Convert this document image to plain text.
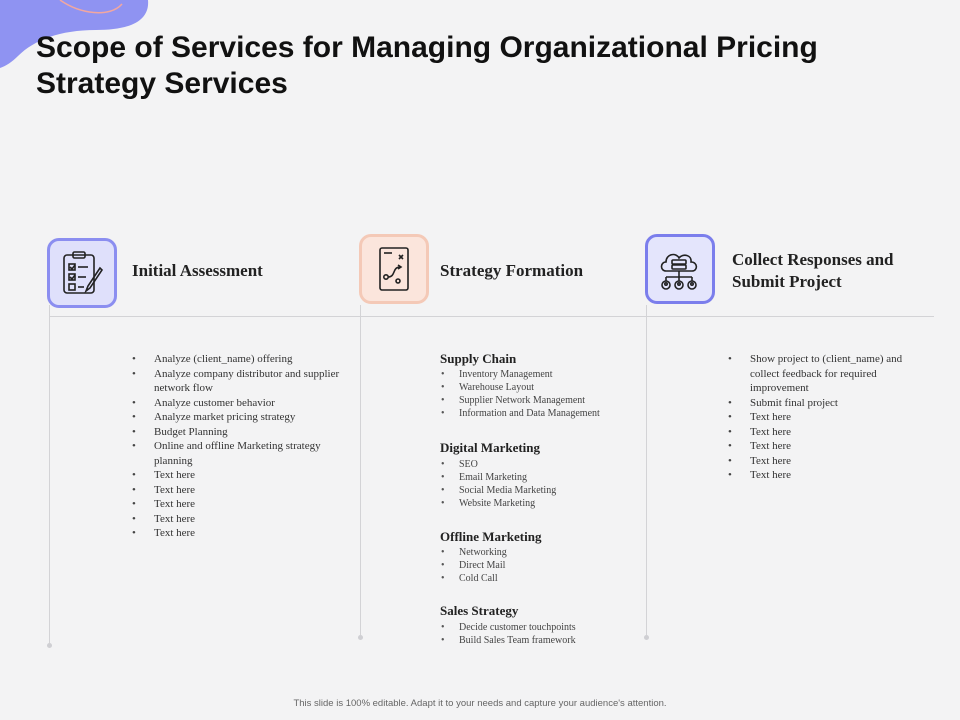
Scope of Services for Managing Organizational Pricing Strategy Services
Initial Assessment
• Analyze (client_name) offering
• Analyze company distributor and supplier network flow
• Analyze customer behavior
• Analyze market pricing strategy
• Budget Planning
• Online and offline Marketing strategy planning
• Text here
• Text here
• Text here
• Text here
• Text here
Strategy Formation
Supply Chain
• Inventory Management
• Warehouse Layout
• Supplier Network Management
• Information and Data Management
Digital Marketing
• SEO
• Email Marketing
• Social Media Marketing
• Website Marketing
Offline Marketing
• Networking
• Direct Mail
• Cold Call
Sales Strategy
• Decide customer touchpoints
• Build Sales Team framework
Collect Responses and Submit Project
• Show project to (client_name) and collect feedback for required improvement
• Submit final project
• Text here
• Text here
• Text here
• Text here
• Text here
This slide is 100% editable. Adapt it to your needs and capture your audience's attention.
